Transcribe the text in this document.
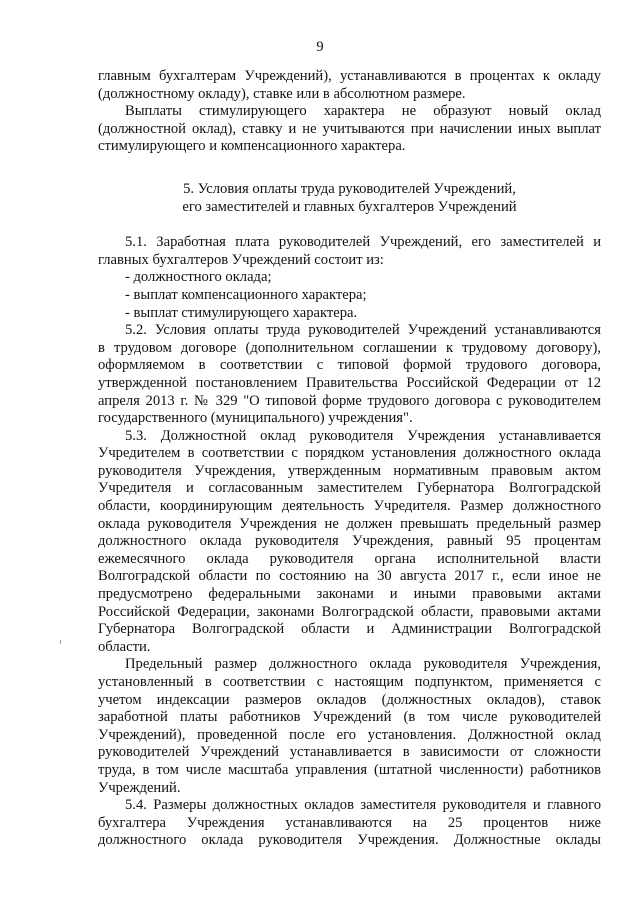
9
главным бухгалтерам Учреждений), устанавливаются в процентах к окладу
(должностному окладу), ставке или в абсолютном размере.
Выплаты стимулирующего характера не образуют новый оклад
(должностной оклад), ставку и не учитываются при начислении иных выплат
стимулирующего и компенсационного характера.
5. Условия оплаты труда руководителей Учреждений,
его заместителей и главных бухгалтеров Учреждений
5.1. Заработная плата руководителей Учреждений, его заместителей и
главных бухгалтеров Учреждений состоит из:
- должностного оклада;
- выплат компенсационного характера;
- выплат стимулирующего характера.
5.2. Условия оплаты труда руководителей Учреждений устанавливаются
в трудовом договоре (дополнительном соглашении к трудовому договору),
оформляемом в соответствии с типовой формой трудового договора,
утвержденной постановлением Правительства Российской Федерации от 12
апреля 2013 г. № 329 "О типовой форме трудового договора с руководителем
государственного (муниципального) учреждения".
5.3. Должностной оклад руководителя Учреждения устанавливается
Учредителем в соответствии с порядком установления должностного оклада
руководителя Учреждения, утвержденным нормативным правовым актом
Учредителя и согласованным заместителем Губернатора Волгоградской
области, координирующим деятельность Учредителя. Размер должностного
оклада руководителя Учреждения не должен превышать предельный размер
должностного оклада руководителя Учреждения, равный 95 процентам
ежемесячного оклада руководителя органа исполнительной власти
Волгоградской области по состоянию на 30 августа 2017 г., если иное не
предусмотрено федеральными законами и иными правовыми актами
Российской Федерации, законами Волгоградской области, правовыми актами
Губернатора Волгоградской области и Администрации Волгоградской
области.
Предельный размер должностного оклада руководителя Учреждения,
установленный в соответствии с настоящим подпунктом, применяется с
учетом индексации размеров окладов (должностных окладов), ставок
заработной платы работников Учреждений (в том числе руководителей
Учреждений), проведенной после его установления. Должностной оклад
руководителей Учреждений устанавливается в зависимости от сложности
труда, в том числе масштаба управления (штатной численности) работников
Учреждений.
5.4. Размеры должностных окладов заместителя руководителя и главного
бухгалтера Учреждения устанавливаются на 25 процентов ниже
должностного оклада руководителя Учреждения. Должностные оклады
